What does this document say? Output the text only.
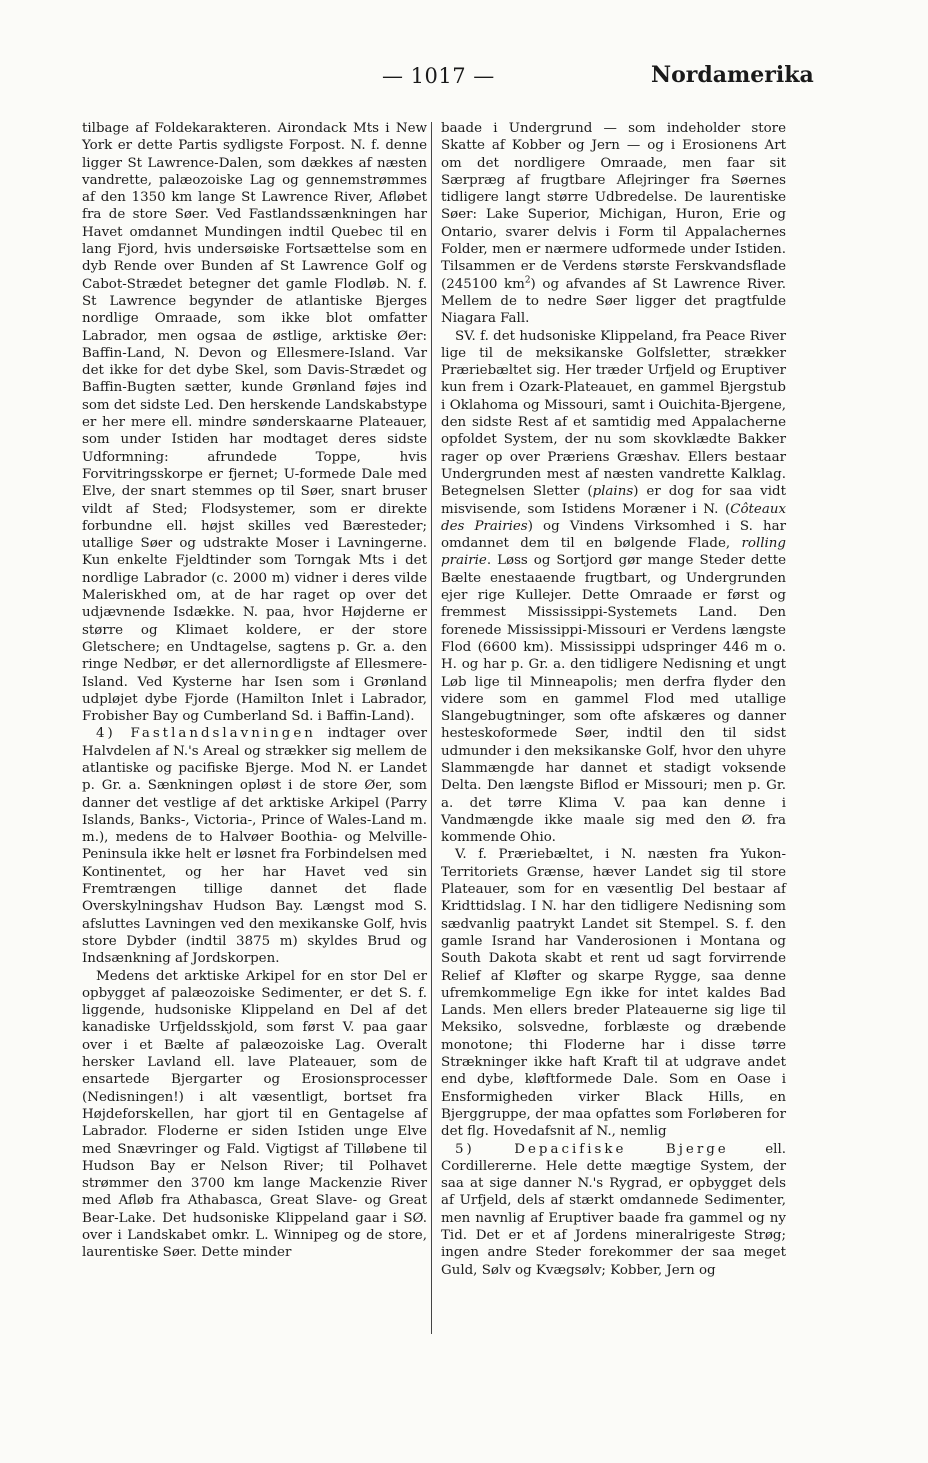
— 1017 —	Nordamerika

tilbage af Foldekarakteren. Airondack Mts i New York er dette Partis sydligste Forpost. N. f. denne ligger St Lawrence-Dalen, som dækkes af næsten vandrette, palæozoiske Lag og gennemstrømmes af den 1350 km lange St Lawrence River, Afløbet fra de store Søer. Ved Fastlandssænkningen har Havet omdannet Mundingen indtil Quebec til en lang Fjord, hvis undersøiske Fortsættelse som en dyb Rende over Bunden af St Lawrence Golf og Cabot-Strædet betegner det gamle Flodløb. N. f. St Lawrence begynder de atlantiske Bjerges nordlige Omraade, som ikke blot omfatter Labrador, men ogsaa de østlige, arktiske Øer: Baffin-Land, N. Devon og Ellesmere-Island. Var det ikke for det dybe Skel, som Davis-Strædet og Baffin-Bugten sætter, kunde Grønland føjes ind som det sidste Led. Den herskende Landskabstype er her mere ell. mindre sønderskaarne Plateauer, som under Istiden har modtaget deres sidste Udformning: afrundede Toppe, hvis Forvitringsskorpe er fjernet; U-formede Dale med Elve, der snart stemmes op til Søer, snart bruser vildt af Sted; Flodsystemer, som er direkte forbundne ell. højst skilles ved Bæresteder; utallige Søer og udstrakte Moser i Lavningerne. Kun enkelte Fjeldtinder som Torngak Mts i det nordlige Labrador (c. 2000 m) vidner i deres vilde Maleriskhed om, at de har raget op over det udjævnende Isdække. N. paa, hvor Højderne er større og Klimaet koldere, er der store Gletschere; en Undtagelse, sagtens p. Gr. a. den ringe Nedbør, er det allernordligste af Ellesmere-Island. Ved Kysterne har Isen som i Grønland udpløjet dybe Fjorde (Hamilton Inlet i Labrador, Frobisher Bay og Cumberland Sd. i Baffin-Land).

4) Fastlandslavningen indtager over Halvdelen af N.'s Areal og strækker sig mellem de atlantiske og pacifiske Bjerge. Mod N. er Landet p. Gr. a. Sænkningen opløst i de store Øer, som danner det vestlige af det arktiske Arkipel (Parry Islands, Banks-, Victoria-, Prince of Wales-Land m. m.), medens de to Halvøer Boothia- og Melville-Peninsula ikke helt er løsnet fra Forbindelsen med Kontinentet, og her har Havet ved sin Fremtrængen tillige dannet det flade Overskylningshav Hudson Bay. Længst mod S. afsluttes Lavningen ved den mexikanske Golf, hvis store Dybder (indtil 3875 m) skyldes Brud og Indsænkning af Jordskorpen.

Medens det arktiske Arkipel for en stor Del er opbygget af palæozoiske Sedimenter, er det S. f. liggende, hudsoniske Klippeland en Del af det kanadiske Urfjeldsskjold, som først V. paa gaar over i et Bælte af palæozoiske Lag. Overalt hersker Lavland ell. lave Plateauer, som de ensartede Bjergarter og Erosionsprocesser (Nedisningen!) i alt væsentligt, bortset fra Højdeforskellen, har gjort til en Gentagelse af Labrador. Floderne er siden Istiden unge Elve med Snævringer og Fald. Vigtigst af Tilløbene til Hudson Bay er Nelson River; til Polhavet strømmer den 3700 km lange Mackenzie River med Afløb fra Athabasca, Great Slave- og Great Bear-Lake. Det hudsoniske Klippeland gaar i SØ. over i Landskabet omkr. L. Winnipeg og de store, laurentiske Søer. Dette minder

baade i Undergrund — som indeholder store Skatte af Kobber og Jern — og i Erosionens Art om det nordligere Omraade, men faar sit Særpræg af frugtbare Aflejringer fra Søernes tidligere langt større Udbredelse. De laurentiske Søer: Lake Superior, Michigan, Huron, Erie og Ontario, svarer delvis i Form til Appalachernes Folder, men er nærmere udformede under Istiden. Tilsammen er de Verdens største Ferskvandsflade (245100 $km^2$) og afvandes af St Lawrence River. Mellem de to nedre Søer ligger det pragtfulde Niagara Fall.

SV. f. det hudsoniske Klippeland, fra Peace River lige til de meksikanske Golfsletter, strækker Præriebæltet sig. Her træder Urfjeld og Eruptiver kun frem i Ozark-Plateauet, en gammel Bjergstub i Oklahoma og Missouri, samt i Ouichita-Bjergene, den sidste Rest af et samtidig med Appalacherne opfoldet System, der nu som skovklædte Bakker rager op over Præriens Græshav. Ellers bestaar Undergrunden mest af næsten vandrette Kalklag. Betegnelsen Sletter (plains) er dog for saa vidt misvisende, som Istidens Moræner i N. (Côteaux des Prairies) og Vindens Virksomhed i S. har omdannet dem til en bølgende Flade, rolling prairie. Løss og Sortjord gør mange Steder dette Bælte enestaaende frugtbart, og Undergrunden ejer rige Kullejer. Dette Omraade er først og fremmest Mississippi-Systemets Land. Den forenede Mississippi-Missouri er Verdens længste Flod (6600 km). Mississippi udspringer 446 m o. H. og har p. Gr. a. den tidligere Nedisning et ungt Løb lige til Minneapolis; men derfra flyder den videre som en gammel Flod med utallige Slangebugtninger, som ofte afskæres og danner hesteskoformede Søer, indtil den til sidst udmunder i den meksikanske Golf, hvor den uhyre Slammængde har dannet et stadigt voksende Delta. Den længste Biflod er Missouri; men p. Gr. a. det tørre Klima V. paa kan denne i Vandmængde ikke maale sig med den Ø. fra kommende Ohio.

V. f. Præriebæltet, i N. næsten fra Yukon-Territoriets Grænse, hæver Landet sig til store Plateauer, som for en væsentlig Del bestaar af Kridttidslag. I N. har den tidligere Nedisning som sædvanlig paatrykt Landet sit Stempel. S. f. den gamle Isrand har Vanderosionen i Montana og South Dakota skabt et rent ud sagt forvirrende Relief af Kløfter og skarpe Rygge, saa denne ufremkommelige Egn ikke for intet kaldes Bad Lands. Men ellers breder Plateauerne sig lige til Meksiko, solsvedne, forblæste og dræbende monotone; thi Floderne har i disse tørre Strækninger ikke haft Kraft til at udgrave andet end dybe, kløftformede Dale. Som en Oase i Ensformigheden virker Black Hills, en Bjerggruppe, der maa opfattes som Forløberen for det flg. Hovedafsnit af N., nemlig

5) Depacifiske Bjerge ell. Cordillererne. Hele dette mægtige System, der saa at sige danner N.'s Rygrad, er opbygget dels af Urfjeld, dels af stærkt omdannede Sedimenter, men navnlig af Eruptiver baade fra gammel og ny Tid. Det er et af Jordens mineralrigeste Strøg; ingen andre Steder forekommer der saa meget Guld, Sølv og Kvægsølv; Kobber, Jern og
